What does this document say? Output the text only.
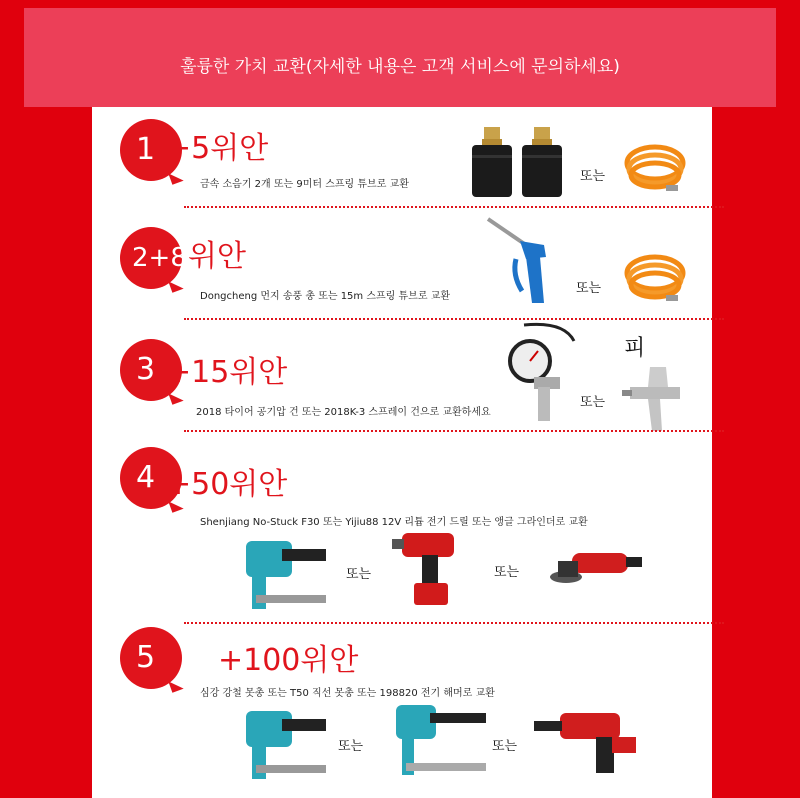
훌륭한 가치 교환(자세한 내용은 고객 서비스에 문의하세요)
1 +5위안
금속 소음기 2개 또는 9미터 스프링 튜브로 교환
또는
2+8 위안
Dongcheng 먼지 송풍 총 또는 15m 스프링 튜브로 교환
또는
3 +15위안
2018 타이어 공기압 건 또는 2018K-3 스프레이 건으로 교환하세요
피
또는
4 +50위안
Shenjiang No-Stuck F30 또는 Yijiu88 12V 리튬 전기 드릴 또는 앵글 그라인더로 교환
또는	또는
5	+100위안
심강 강철 못총 또는 T50 직선 못총 또는 198820 전기 해머로 교환
또는	또는
